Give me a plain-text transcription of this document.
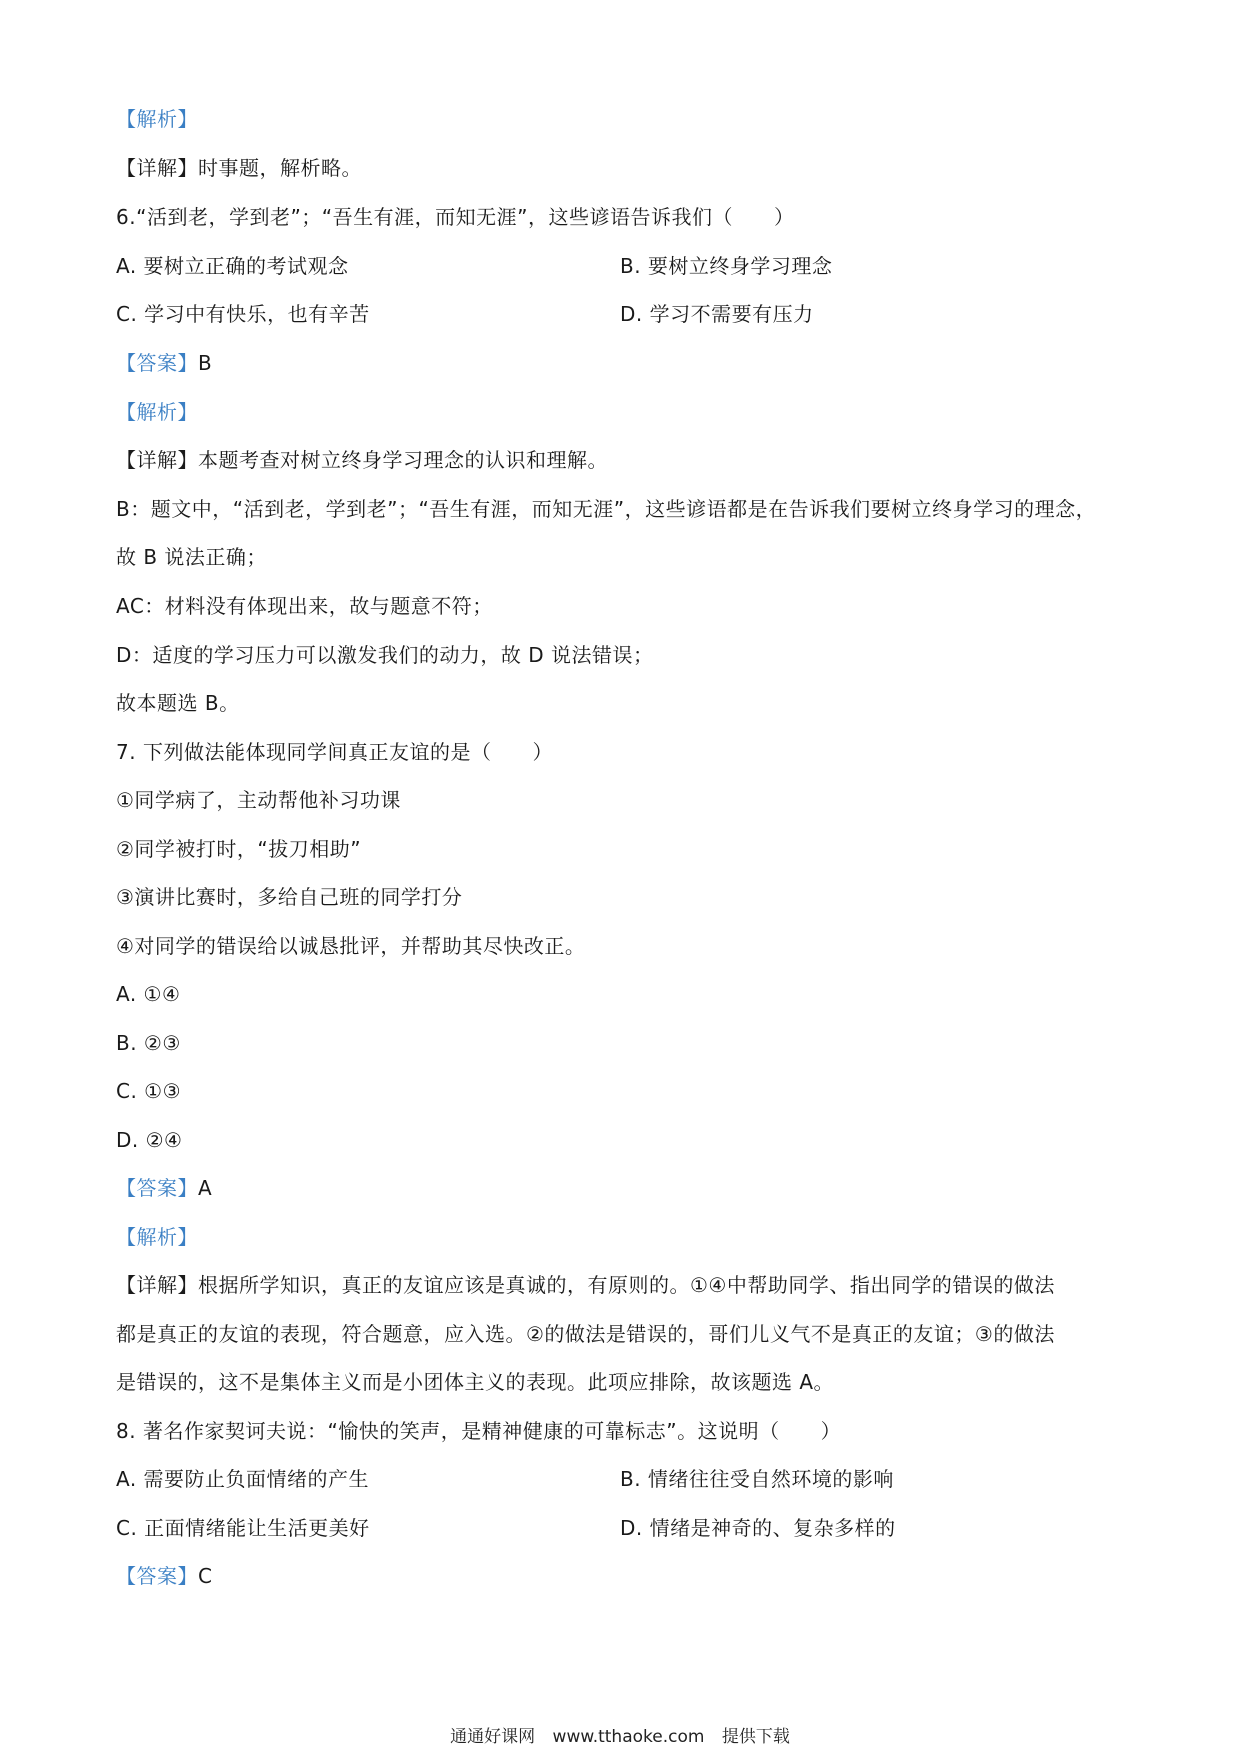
【解析】
【详解】时事题，解析略。
6.“活到老，学到老”；“吾生有涯，而知无涯”，这些谚语告诉我们（　　）
A. 要树立正确的考试观念	B. 要树立终身学习理念
C. 学习中有快乐，也有辛苦	D. 学习不需要有压力
【答案】B
【解析】
【详解】本题考查对树立终身学习理念的认识和理解。
B：题文中，“活到老，学到老”；“吾生有涯，而知无涯”，这些谚语都是在告诉我们要树立终身学习的理念，
故 B 说法正确；
AC：材料没有体现出来，故与题意不符；
D：适度的学习压力可以激发我们的动力，故 D 说法错误；
故本题选 B。
7. 下列做法能体现同学间真正友谊的是（　　）
①同学病了，主动帮他补习功课
②同学被打时，“拔刀相助”
③演讲比赛时，多给自己班的同学打分
④对同学的错误给以诚恳批评，并帮助其尽快改正。
A. ①④
B. ②③
C. ①③
D. ②④
【答案】A
【解析】
【详解】根据所学知识，真正的友谊应该是真诚的，有原则的。①④中帮助同学、指出同学的错误的做法
都是真正的友谊的表现，符合题意，应入选。②的做法是错误的，哥们儿义气不是真正的友谊；③的做法
是错误的，这不是集体主义而是小团体主义的表现。此项应排除，故该题选 A。
8. 著名作家契诃夫说：“愉快的笑声，是精神健康的可靠标志”。这说明（　　）
A. 需要防止负面情绪的产生	B. 情绪往往受自然环境的影响
C. 正面情绪能让生活更美好	D. 情绪是神奇的、复杂多样的
【答案】C
通通好课网 www.tthaoke.com 提供下载
